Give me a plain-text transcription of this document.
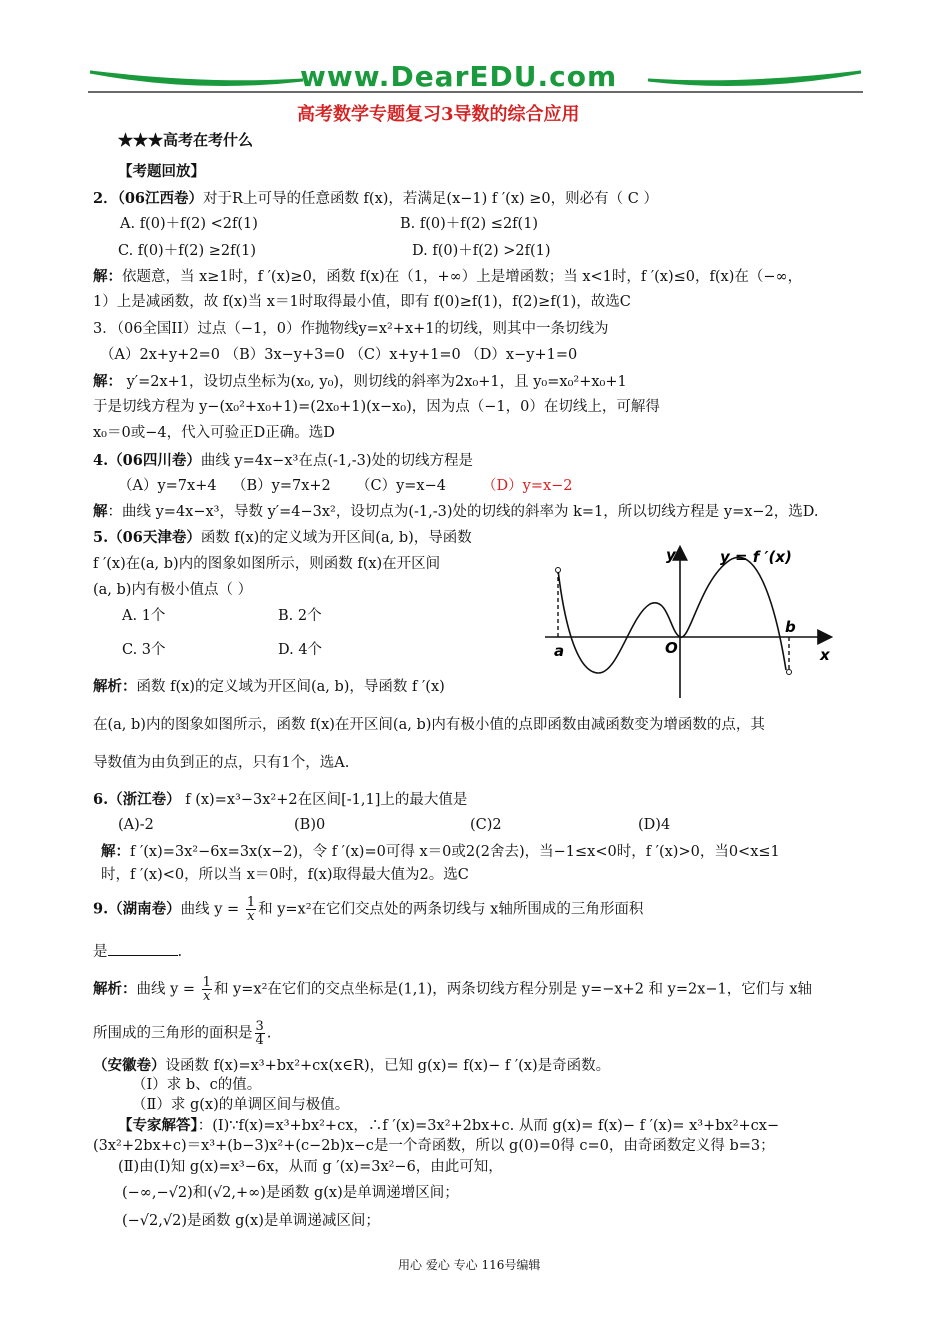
www.DearEDU.com
高考数学专题复习3导数的综合应用
★★★高考在考什么
【考题回放】
2．（06江西卷）对于R上可导的任意函数 f(x)，若满足(x−1) f ′(x) ≥0，则必有（ C ）
A. f(0)＋f(2) <2f(1)	B. f(0)＋f(2) ≤2f(1)
C. f(0)＋f(2) ≥2f(1)	D. f(0)＋f(2) >2f(1)
解：依题意，当 x≥1时，f ′(x)≥0，函数 f(x)在（1，+∞）上是增函数；当 x<1时，f ′(x)≤0，f(x)在（−∞，
1）上是减函数，故 f(x)当 x＝1时取得最小值，即有 f(0)≥f(1)，f(2)≥f(1)，故选C
3．（06全国II）过点（−1，0）作抛物线y=x²+x+1的切线，则其中一条切线为
（A）2x+y+2=0 （B）3x−y+3=0 （C）x+y+1=0 （D）x−y+1=0
解： y′=2x+1，设切点坐标为(x₀, y₀)，则切线的斜率为2x₀+1，且 y₀=x₀²+x₀+1
于是切线方程为 y−(x₀²+x₀+1)=(2x₀+1)(x−x₀)，因为点（−1，0）在切线上，可解得
x₀＝0或−4，代入可验正D正确。选D
4.（06四川卷）曲线 y=4x−x³在点(-1,-3)处的切线方程是
（A）y=7x+4 （B）y=7x+2 （C）y=x−4 （D）y=x−2
解：曲线 y=4x−x³，导数 y′=4−3x²，设切点为(-1,-3)处的切线的斜率为 k=1，所以切线方程是 y=x−2，选D.
5.（06天津卷）函数 f(x)的定义域为开区间(a, b)，导函数
f ′(x)在(a, b)内的图象如图所示，则函数 f(x)在开区间
(a, b)内有极小值点（ ）
A. 1个	B. 2个
C. 3个	D. 4个
y	y = f ′(x)
a	O
b
x
解析：函数 f(x)的定义域为开区间(a, b)，导函数 f ′(x)
在(a, b)内的图象如图所示，函数 f(x)在开区间(a, b)内有极小值的点即函数由减函数变为增函数的点，其
导数值为由负到正的点，只有1个，选A.
6.（浙江卷） f (x)=x³−3x²+2在区间[-1,1]上的最大值是
(A)-2	(B)0	(C)2	(D)4
解：f ′(x)=3x²−6x=3x(x−2)，令 f ′(x)=0可得 x＝0或2(2舍去)，当−1≤x<0时，f ′(x)>0，当0<x≤1
时，f ′(x)<0，所以当 x＝0时，f(x)取得最大值为2。选C
9.（湖南卷）曲线 $y = \frac{1}{x}$ 和 y=x²在它们交点处的两条切线与 x轴所围成的三角形面积
是	.
解析：曲线 $y = \frac{1}{x}$ 和 y=x²在它们的交点坐标是(1,1)，两条切线方程分别是 y=−x+2 和 y=2x−1，它们与 x轴
所围成的三角形的面积是 $\frac{3}{4}$ .
（安徽卷）设函数 f(x)=x³+bx²+cx(x∈R)，已知 g(x)= f(x)− f ′(x)是奇函数。
（Ⅰ）求 b、c的值。
（Ⅱ）求 g(x)的单调区间与极值。
【专家解答】：(Ⅰ)∵f(x)=x³+bx²+cx，∴f ′(x)=3x²+2bx+c. 从而 g(x)= f(x)− f ′(x)= x³+bx²+cx−
(3x²+2bx+c)＝x³+(b−3)x²+(c−2b)x−c是一个奇函数，所以 g(0)=0得 c=0，由奇函数定义得 b=3；
(Ⅱ)由(Ⅰ)知 g(x)=x³−6x，从而 g ′(x)=3x²−6，由此可知，
(−∞,−√2)和(√2,+∞)是函数 g(x)是单调递增区间；
(−√2,√2)是函数 g(x)是单调递减区间；
用心 爱心 专心 116号编辑
